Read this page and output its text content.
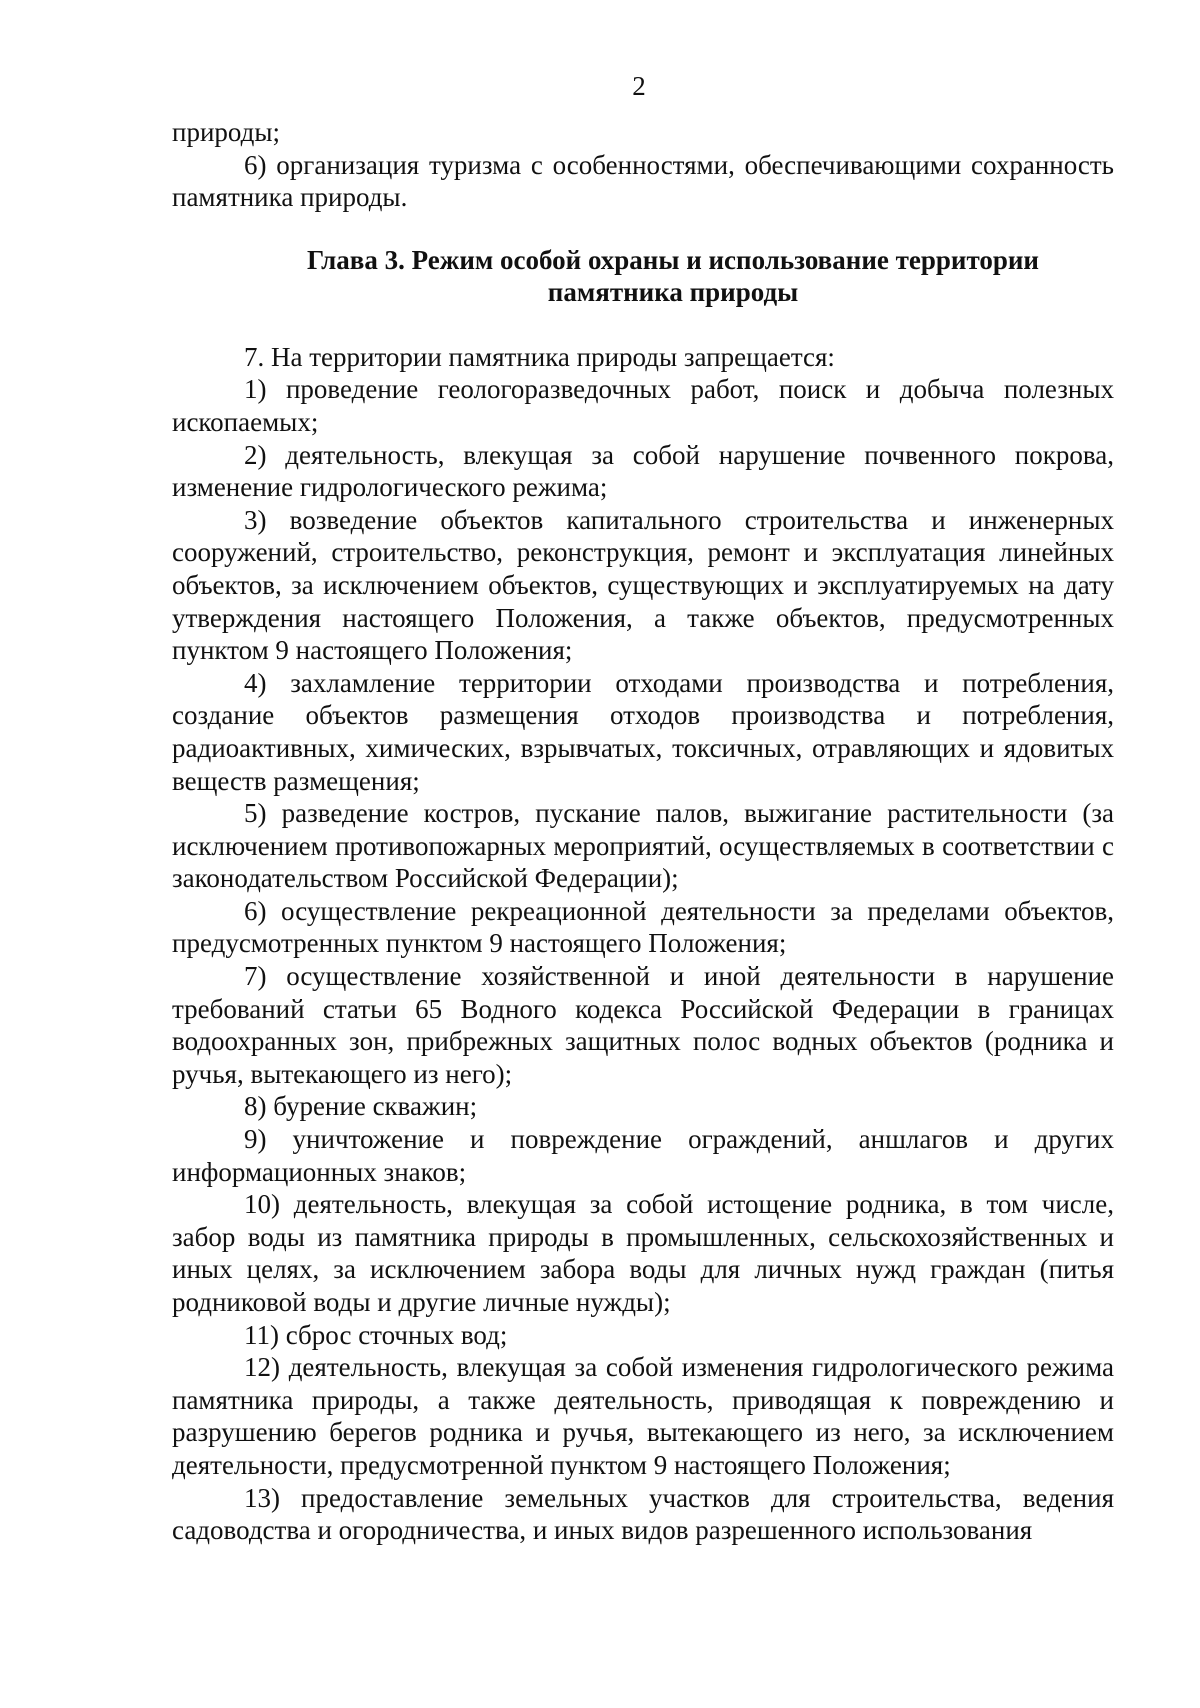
2

природы;

6) организация туризма с особенностями, обеспечивающими сохранность памятника природы.

Глава 3. Режим особой охраны и использование территории
памятника природы

7. На территории памятника природы запрещается:

1) проведение геологоразведочных работ, поиск и добыча полезных ископаемых;

2) деятельность, влекущая за собой нарушение почвенного покрова, изменение гидрологического режима;

3) возведение объектов капитального строительства и инженерных сооружений, строительство, реконструкция, ремонт и эксплуатация линейных объектов, за исключением объектов, существующих и эксплуатируемых на дату утверждения настоящего Положения, а также объектов, предусмотренных пунктом 9 настоящего Положения;

4) захламление территории отходами производства и потребления, создание объектов размещения отходов производства и потребления, радиоактивных, химических, взрывчатых, токсичных, отравляющих и ядовитых веществ размещения;

5) разведение костров, пускание палов, выжигание растительности (за исключением противопожарных мероприятий, осуществляемых в соответствии с законодательством Российской Федерации);

6) осуществление рекреационной деятельности за пределами объектов, предусмотренных пунктом 9 настоящего Положения;

7) осуществление хозяйственной и иной деятельности в нарушение требований статьи 65 Водного кодекса Российской Федерации в границах водоохранных зон, прибрежных защитных полос водных объектов (родника и ручья, вытекающего из него);

8) бурение скважин;

9) уничтожение и повреждение ограждений, аншлагов и других информационных знаков;

10) деятельность, влекущая за собой истощение родника, в том числе, забор воды из памятника природы в промышленных, сельскохозяйственных и иных целях, за исключением забора воды для личных нужд граждан (питья родниковой воды и другие личные нужды);

11) сброс сточных вод;

12) деятельность, влекущая за собой изменения гидрологического режима памятника природы, а также деятельность, приводящая к повреждению и разрушению берегов родника и ручья, вытекающего из него, за исключением деятельности, предусмотренной пунктом 9 настоящего Положения;

13) предоставление земельных участков для строительства, ведения садоводства и огородничества, и иных видов разрешенного использования
